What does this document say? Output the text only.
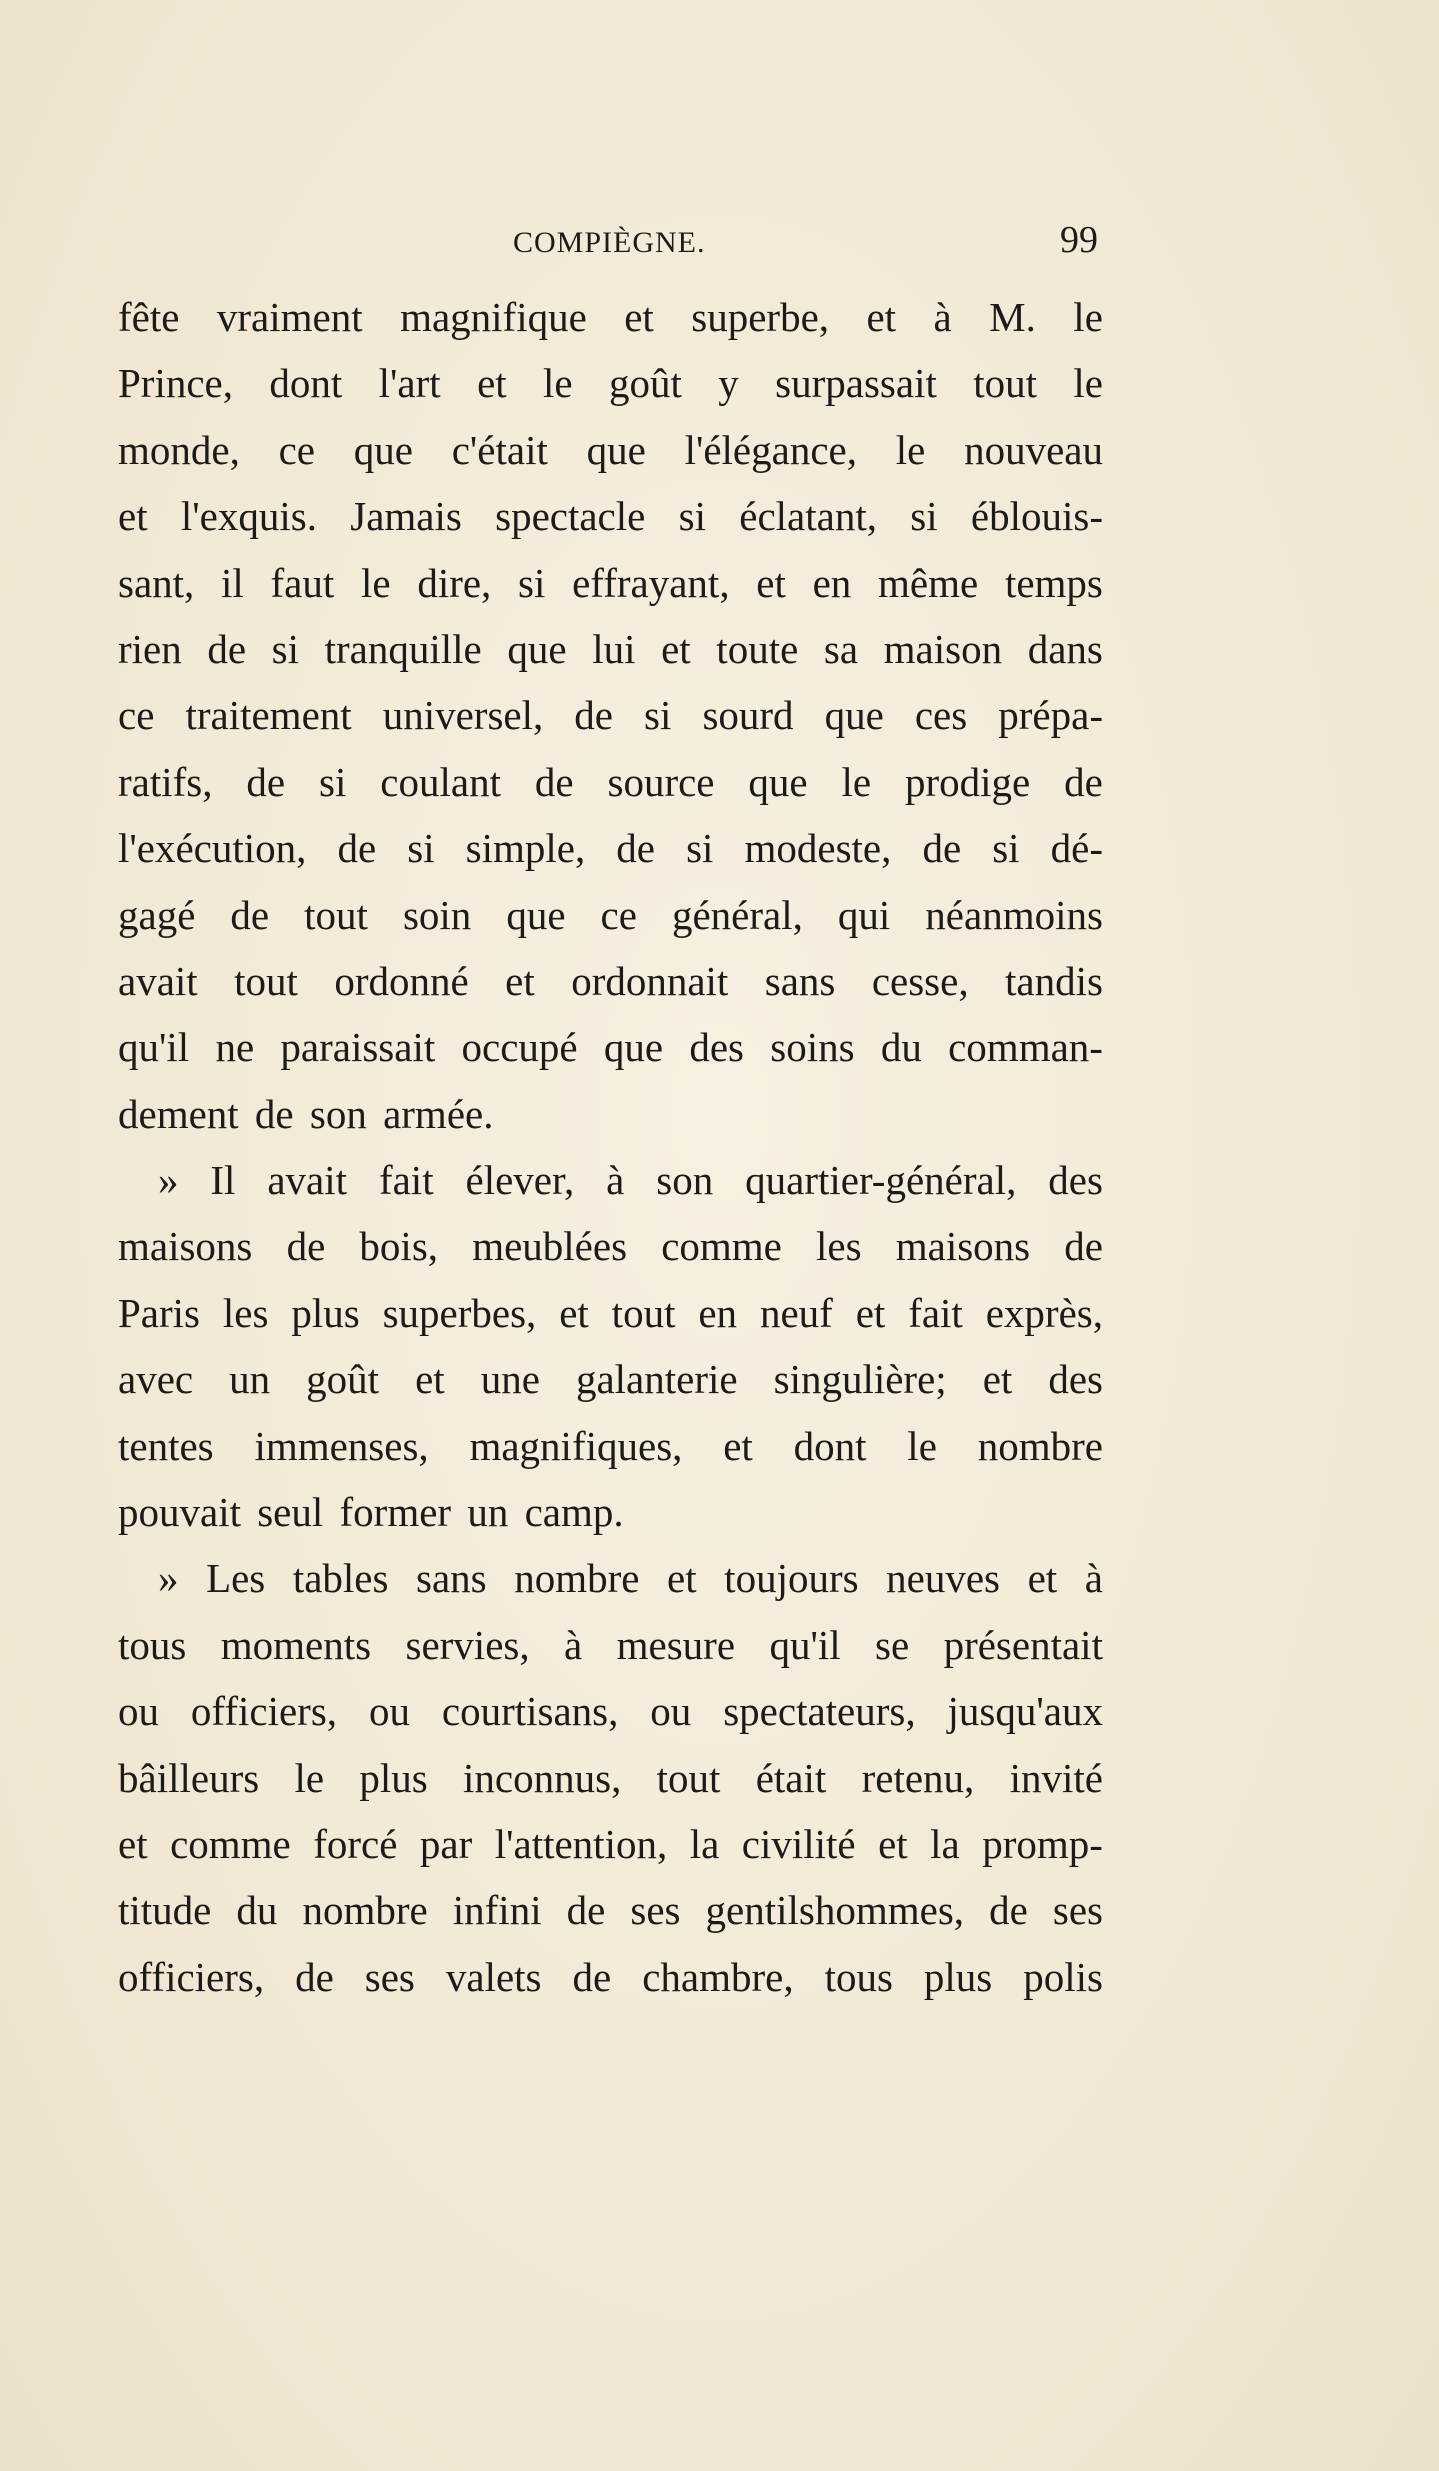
COMPIÈGNE.	99
fête vraiment magnifique et superbe, et à M. le
Prince, dont l'art et le goût y surpassait tout le
monde, ce que c'était que l'élégance, le nouveau
et l'exquis. Jamais spectacle si éclatant, si éblouis-
sant, il faut le dire, si effrayant, et en même temps
rien de si tranquille que lui et toute sa maison dans
ce traitement universel, de si sourd que ces prépa-
ratifs, de si coulant de source que le prodige de
l'exécution, de si simple, de si modeste, de si dé-
gagé de tout soin que ce général, qui néanmoins
avait tout ordonné et ordonnait sans cesse, tandis
qu'il ne paraissait occupé que des soins du comman-
dement de son armée.
» Il avait fait élever, à son quartier-général, des
maisons de bois, meublées comme les maisons de
Paris les plus superbes, et tout en neuf et fait exprès,
avec un goût et une galanterie singulière; et des
tentes immenses, magnifiques, et dont le nombre
pouvait seul former un camp.
» Les tables sans nombre et toujours neuves et à
tous moments servies, à mesure qu'il se présentait
ou officiers, ou courtisans, ou spectateurs, jusqu'aux
bâilleurs le plus inconnus, tout était retenu, invité
et comme forcé par l'attention, la civilité et la promp-
titude du nombre infini de ses gentilshommes, de ses
officiers, de ses valets de chambre, tous plus polis
